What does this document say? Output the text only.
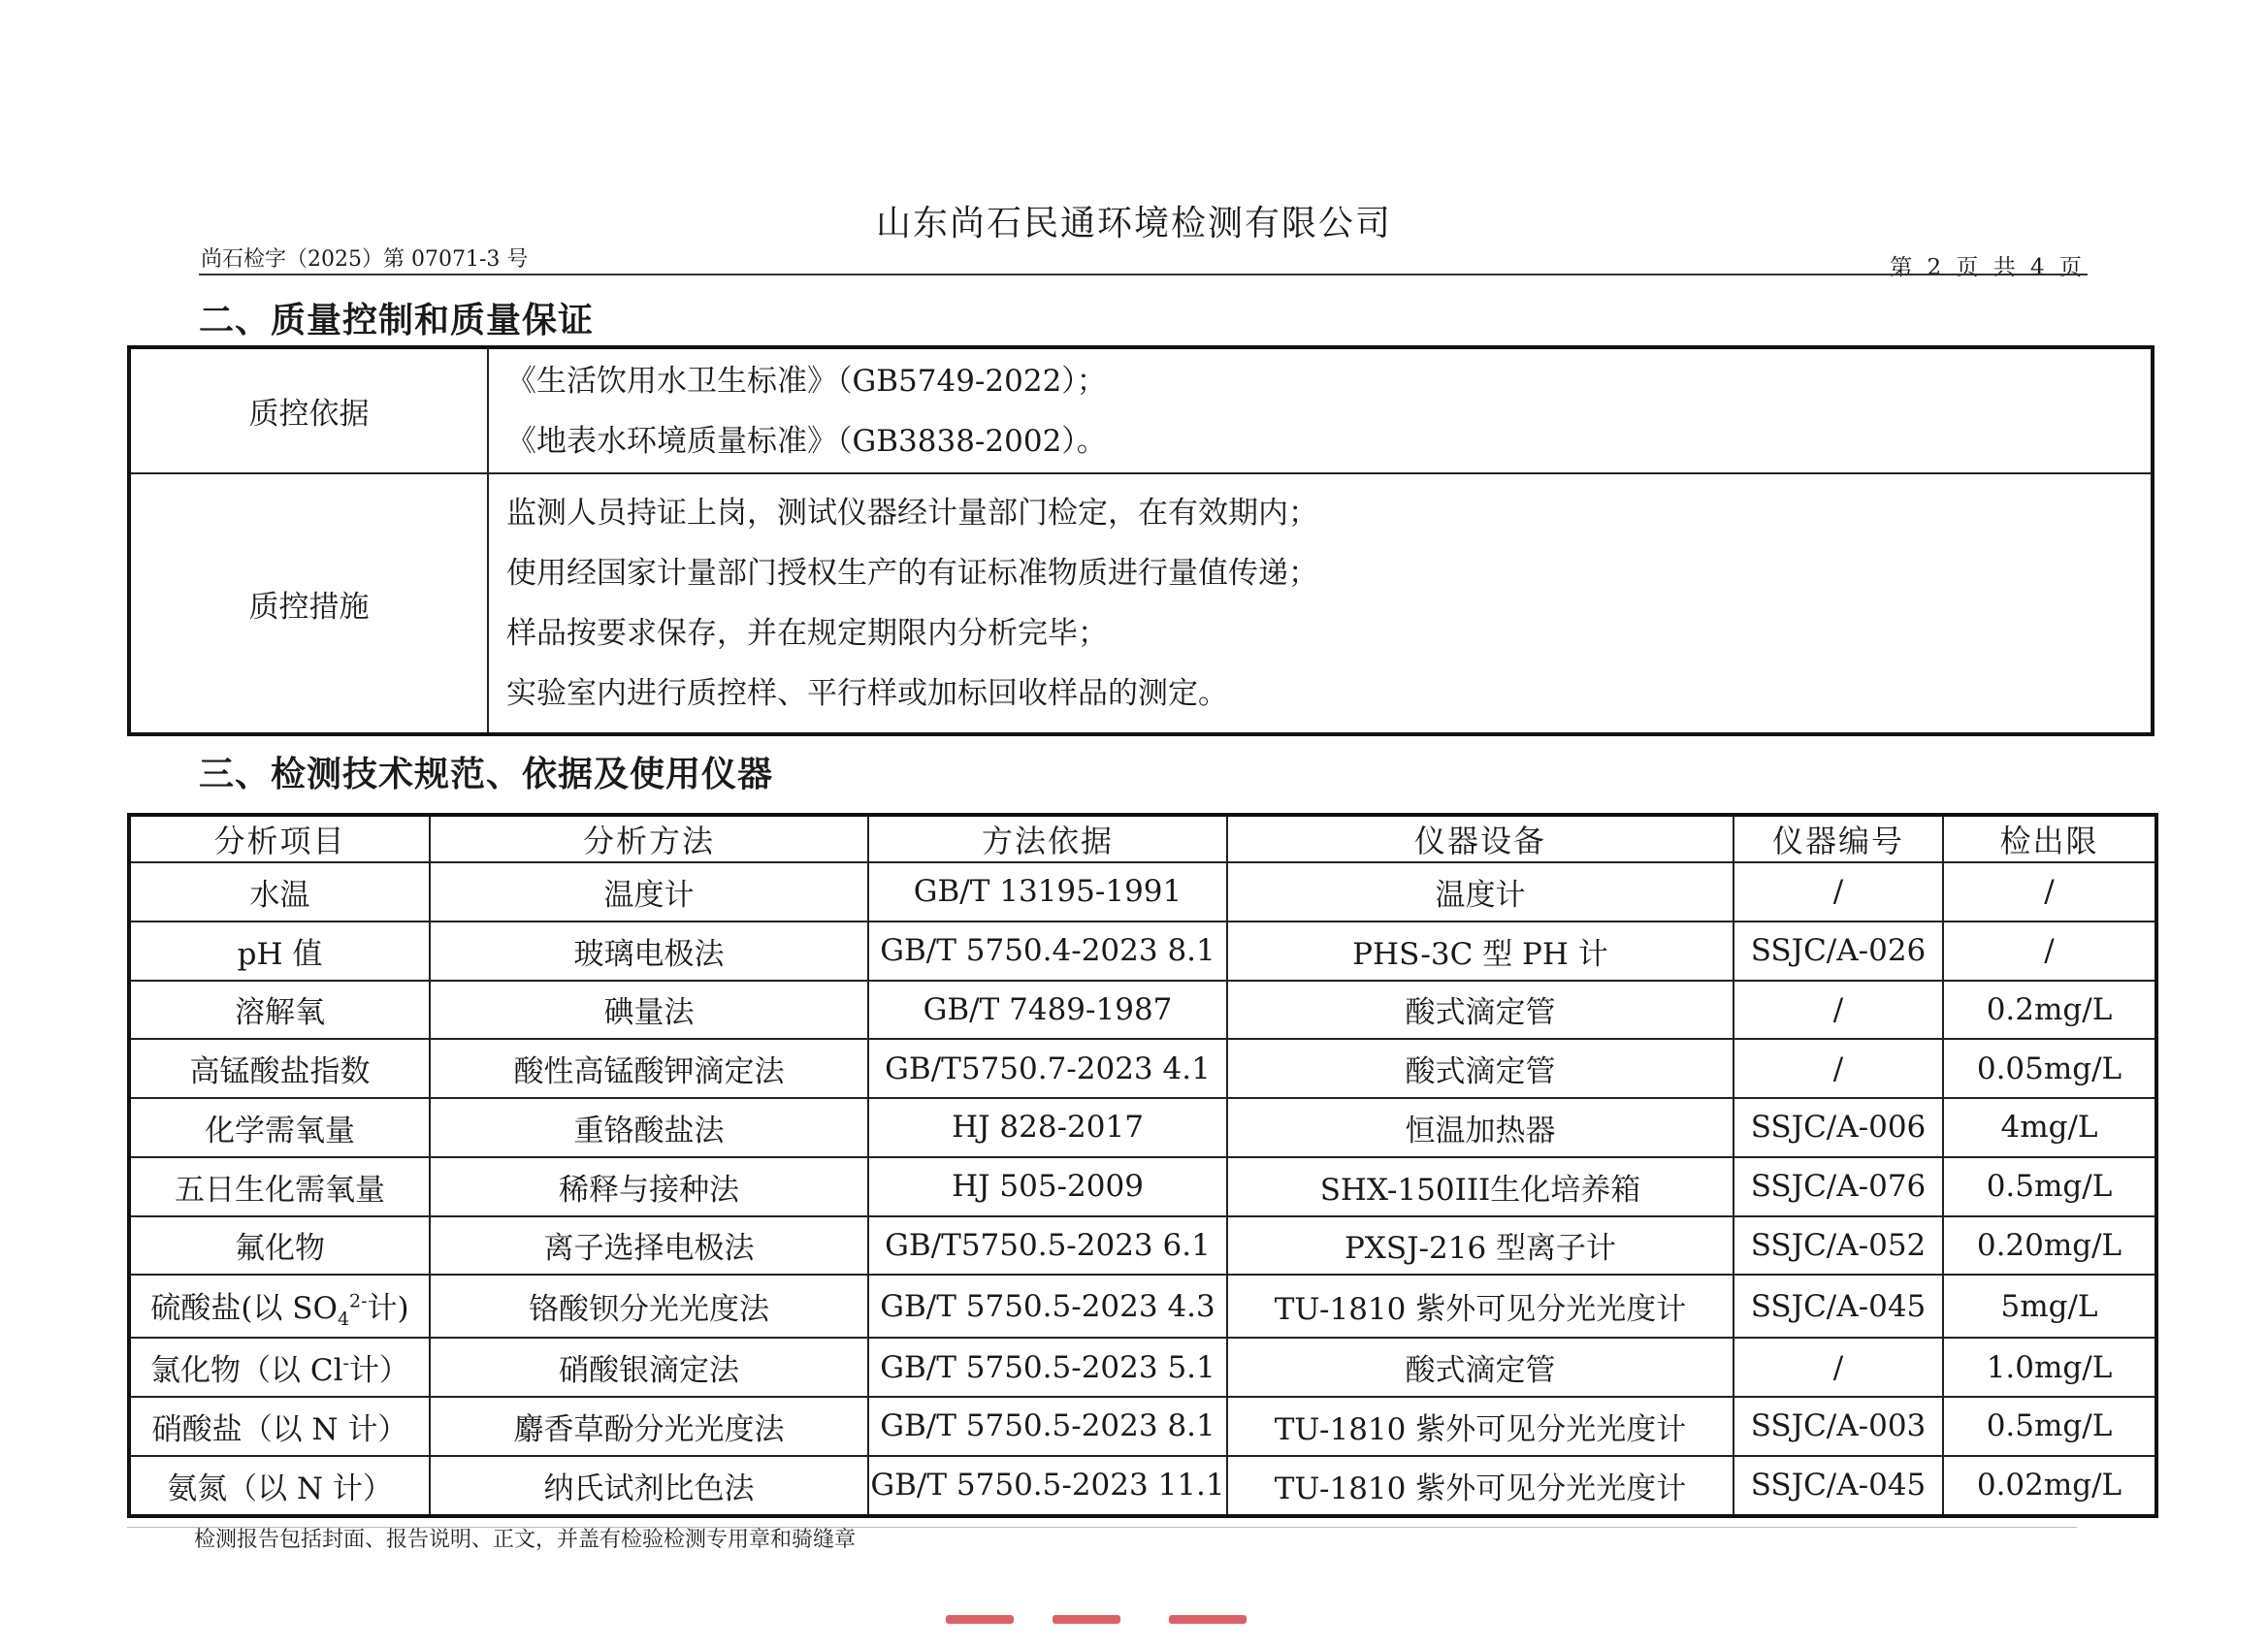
山东尚石民通环境检测有限公司
尚石检字（2025）第 07071-3 号	第 2 页 共 4 页
二、质量控制和质量保证
质控依据	《生活饮用水卫生标准》（GB5749-2022）；
《地表水环境质量标准》（GB3838-2002）。

质控措施	监测人员持证上岗，测试仪器经计量部门检定，在有效期内；
使用经国家计量部门授权生产的有证标准物质进行量值传递；
样品按要求保存，并在规定期限内分析完毕；
实验室内进行质控样、平行样或加标回收样品的测定。
三、检测技术规范、依据及使用仪器
分析项目	分析方法	方法依据	仪器设备	仪器编号	检出限
水温	温度计	GB/T 13195-1991	温度计	/	/
pH 值	玻璃电极法	GB/T 5750.4-2023 8.1	PHS-3C 型 PH 计	SSJC/A-026	/
溶解氧	碘量法	GB/T 7489-1987	酸式滴定管	/	0.2mg/L
高锰酸盐指数	酸性高锰酸钾滴定法	GB/T5750.7-2023 4.1	酸式滴定管	/	0.05mg/L
化学需氧量	重铬酸盐法	HJ 828-2017	恒温加热器	SSJC/A-006	4mg/L
五日生化需氧量	稀释与接种法	HJ 505-2009	SHX-150III生化培养箱	SSJC/A-076	0.5mg/L
氟化物	离子选择电极法	GB/T5750.5-2023 6.1	PXSJ-216 型离子计	SSJC/A-052	0.20mg/L
硫酸盐(以 $SO_4^{2-}$计)	铬酸钡分光光度法	GB/T 5750.5-2023 4.3	TU-1810 紫外可见分光光度计	SSJC/A-045	5mg/L
氯化物（以 Cl-计）	硝酸银滴定法	GB/T 5750.5-2023 5.1	酸式滴定管	/	1.0mg/L
硝酸盐（以 N 计）	麝香草酚分光光度法	GB/T 5750.5-2023 8.1	TU-1810 紫外可见分光光度计	SSJC/A-003	0.5mg/L
氨氮（以 N 计）	纳氏试剂比色法	GB/T 5750.5-2023 11.1	TU-1810 紫外可见分光光度计	SSJC/A-045	0.02mg/L
检测报告包括封面、报告说明、正文，并盖有检验检测专用章和骑缝章
